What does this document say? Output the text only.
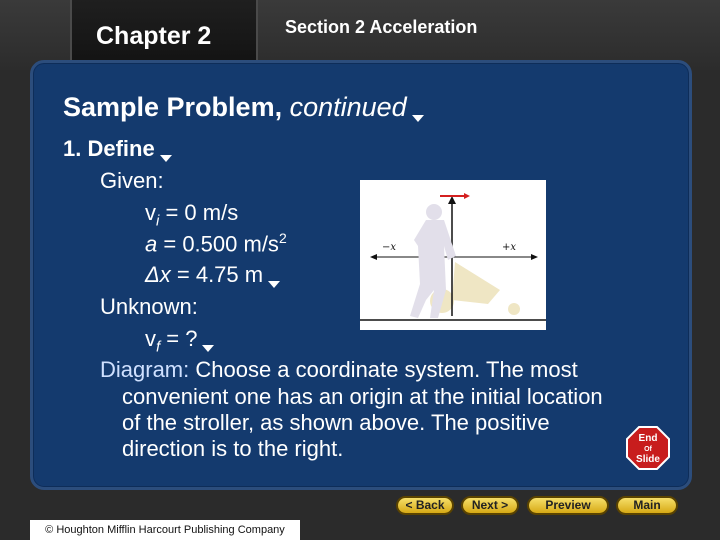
Chapter 2	Section 2 Acceleration
Sample Problem, continued
1. Define
Given:
$v_i = 0$ m/s
a = 0.500 $m/s^2$
Δx = 4.75 m
Unknown:
$v_f$ = ?
Diagram: Choose a coordinate system. The most
convenient one has an origin at the initial location
of the stroller, as shown above. The positive
direction is to the right.
−x	+x
End
Of
Slide
© Houghton Mifflin Harcourt Publishing Company
< Back	Next >	Preview	Main
